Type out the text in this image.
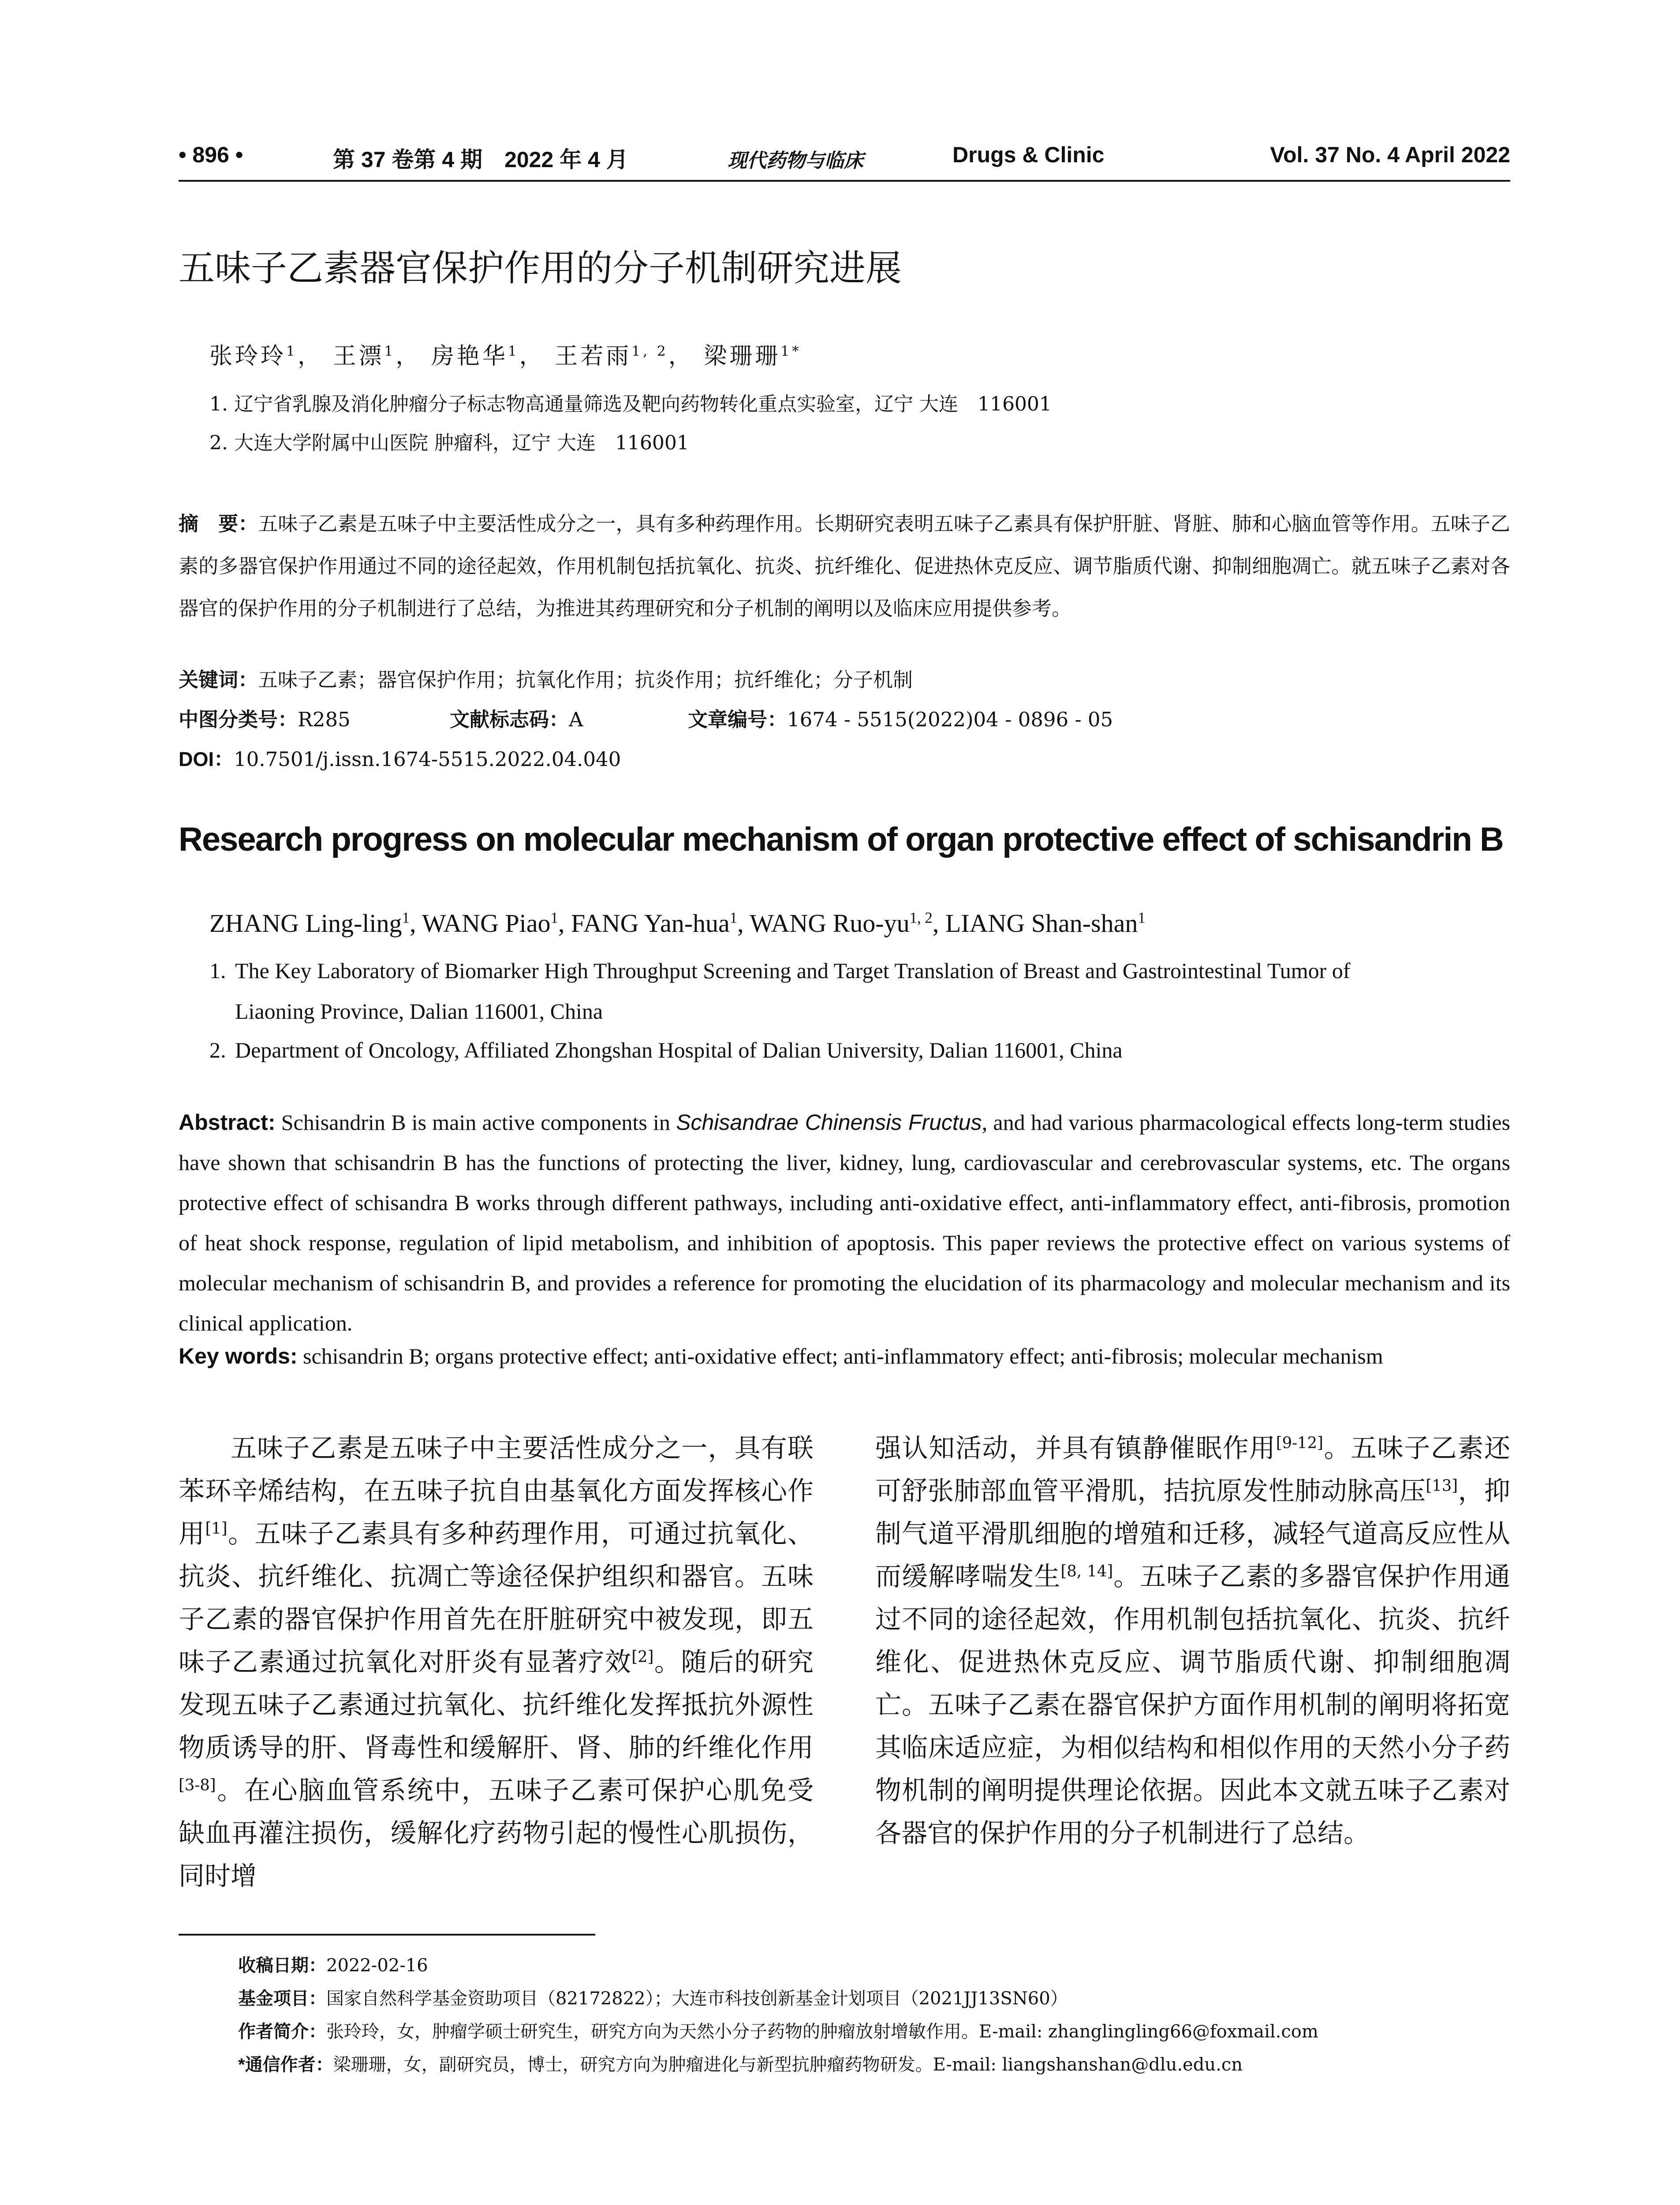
• 896 •	第 37 卷第 4 期　2022 年 4 月	现代药物与临床	Drugs & Clinic	Vol. 37 No. 4 April 2022
五味子乙素器官保护作用的分子机制研究进展
张玲玲$^1$， 王漂$^1$， 房艳华$^1$， 王若雨$^{1, 2}$， 梁珊珊$^{1*}$
1. 辽宁省乳腺及消化肿瘤分子标志物高通量筛选及靶向药物转化重点实验室，辽宁 大连　116001
2. 大连大学附属中山医院 肿瘤科，辽宁 大连　116001
摘　要：五味子乙素是五味子中主要活性成分之一，具有多种药理作用。长期研究表明五味子乙素具有保护肝脏、肾脏、肺和心脑血管等作用。五味子乙素的多器官保护作用通过不同的途径起效，作用机制包括抗氧化、抗炎、抗纤维化、促进热休克反应、调节脂质代谢、抑制细胞凋亡。就五味子乙素对各器官的保护作用的分子机制进行了总结，为推进其药理研究和分子机制的阐明以及临床应用提供参考。
关键词：五味子乙素；器官保护作用；抗氧化作用；抗炎作用；抗纤维化；分子机制
中图分类号：R285	文献标志码：A	文章编号：1674 - 5515(2022)04 - 0896 - 05
DOI：10.7501/j.issn.1674-5515.2022.04.040
Research progress on molecular mechanism of organ protective effect of schisandrin B
ZHANG Ling-ling$^1$, WANG Piao$^1$, FANG Yan-hua$^1$, WANG Ruo-yu$^{1, 2}$, LIANG Shan-shan$^1$
1. The Key Laboratory of Biomarker High Throughput Screening and Target Translation of Breast and Gastrointestinal Tumor of
Liaoning Province, Dalian 116001, China
2. Department of Oncology, Affiliated Zhongshan Hospital of Dalian University, Dalian 116001, China
Abstract: Schisandrin B is main active components in Schisandrae Chinensis Fructus, and had various pharmacological effects long-term studies have shown that schisandrin B has the functions of protecting the liver, kidney, lung, cardiovascular and cerebrovascular systems, etc. The organs protective effect of schisandra B works through different pathways, including anti-oxidative effect, anti-inflammatory effect, anti-fibrosis, promotion of heat shock response, regulation of lipid metabolism, and inhibition of apoptosis. This paper reviews the protective effect on various systems of molecular mechanism of schisandrin B, and provides a reference for promoting the elucidation of its pharmacology and molecular mechanism and its clinical application.
Key words: schisandrin B; organs protective effect; anti-oxidative effect; anti-inflammatory effect; anti-fibrosis; molecular mechanism
五味子乙素是五味子中主要活性成分之一，具有联苯环辛烯结构，在五味子抗自由基氧化方面发挥核心作用[1]。五味子乙素具有多种药理作用，可通过抗氧化、抗炎、抗纤维化、抗凋亡等途径保护组织和器官。五味子乙素的器官保护作用首先在肝脏研究中被发现，即五味子乙素通过抗氧化对肝炎有显著疗效[2]。随后的研究发现五味子乙素通过抗氧化、抗纤维化发挥抵抗外源性物质诱导的肝、肾毒性和缓解肝、肾、肺的纤维化作用[3-8]。在心脑血管系统中，五味子乙素可保护心肌免受缺血再灌注损伤，缓解化疗药物引起的慢性心肌损伤，同时增
强认知活动，并具有镇静催眠作用[9-12]。五味子乙素还可舒张肺部血管平滑肌，拮抗原发性肺动脉高压[13]，抑制气道平滑肌细胞的增殖和迁移，减轻气道高反应性从而缓解哮喘发生[8, 14]。五味子乙素的多器官保护作用通过不同的途径起效，作用机制包括抗氧化、抗炎、抗纤维化、促进热休克反应、调节脂质代谢、抑制细胞凋亡。五味子乙素在器官保护方面作用机制的阐明将拓宽其临床适应症，为相似结构和相似作用的天然小分子药物机制的阐明提供理论依据。因此本文就五味子乙素对各器官的保护作用的分子机制进行了总结。
收稿日期：2022-02-16
基金项目：国家自然科学基金资助项目（82172822）；大连市科技创新基金计划项目（2021JJ13SN60）
作者简介：张玲玲，女，肿瘤学硕士研究生，研究方向为天然小分子药物的肿瘤放射增敏作用。E-mail: zhanglingling66@foxmail.com
*通信作者：梁珊珊，女，副研究员，博士，研究方向为肿瘤进化与新型抗肿瘤药物研发。E-mail: liangshanshan@dlu.edu.cn
